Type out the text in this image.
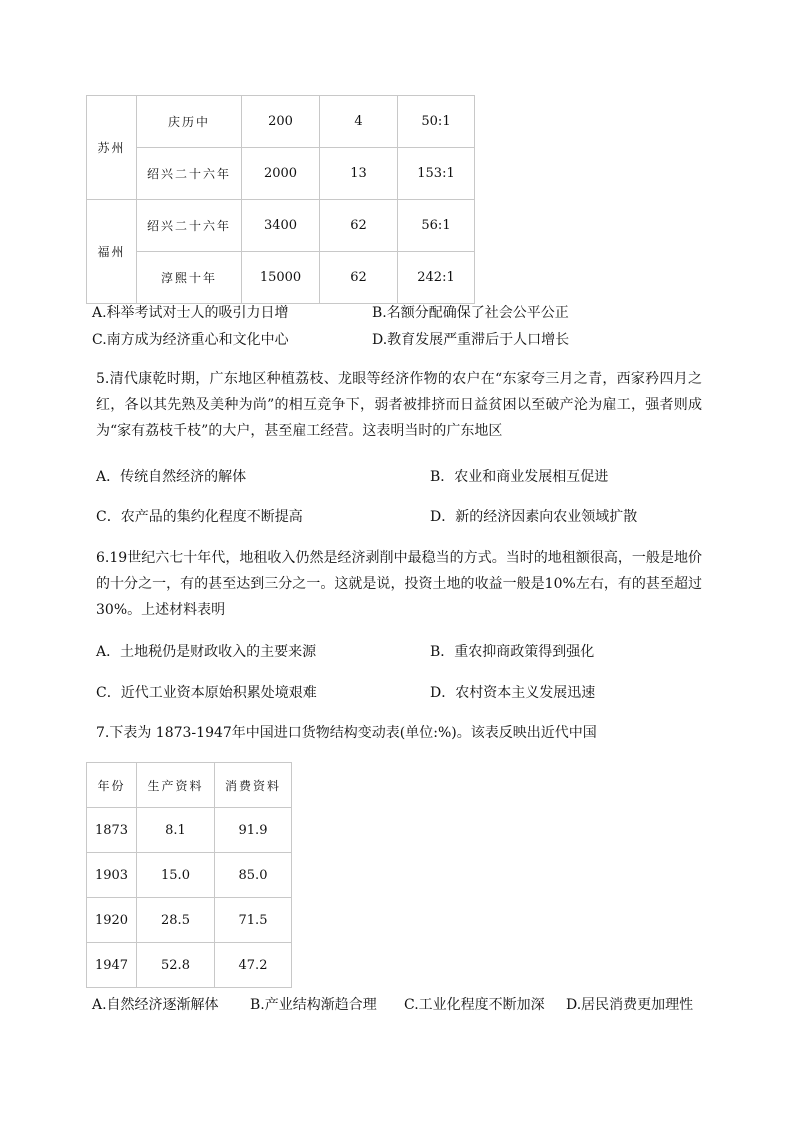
苏州	庆历中	200	4	50:1
	绍兴二十六年	2000	13	153:1
福州	绍兴二十六年	3400	62	56:1
	淳熙十年	15000	62	242:1
A.科举考试对士人的吸引力日增	B.名额分配确保了社会公平公正
C.南方成为经济重心和文化中心	D.教育发展严重滞后于人口增长
5.清代康乾时期，广东地区种植荔枝、龙眼等经济作物的农户在“东家夸三月之青，西家矜四月之红，各以其先熟及美种为尚”的相互竞争下，弱者被排挤而日益贫困以至破产沦为雇工，强者则成为“家有荔枝千枝”的大户，甚至雇工经营。这表明当时的广东地区
A．传统自然经济的解体	B．农业和商业发展相互促进
C．农产品的集约化程度不断提高	D．新的经济因素向农业领域扩散
6.19世纪六七十年代，地租收入仍然是经济剥削中最稳当的方式。当时的地租额很高，一般是地价的十分之一，有的甚至达到三分之一。这就是说，投资土地的收益一般是10%左右，有的甚至超过30%。上述材料表明
A．土地税仍是财政收入的主要来源	B．重农抑商政策得到强化
C．近代工业资本原始积累处境艰难	D．农村资本主义发展迅速
7.下表为 1873-1947年中国进口货物结构变动表(单位:%)。该表反映出近代中国
年份	生产资料	消费资料
1873	8.1	91.9
1903	15.0	85.0
1920	28.5	71.5
1947	52.8	47.2
A.自然经济逐渐解体 B.产业结构渐趋合理 C.工业化程度不断加深 D.居民消费更加理性
